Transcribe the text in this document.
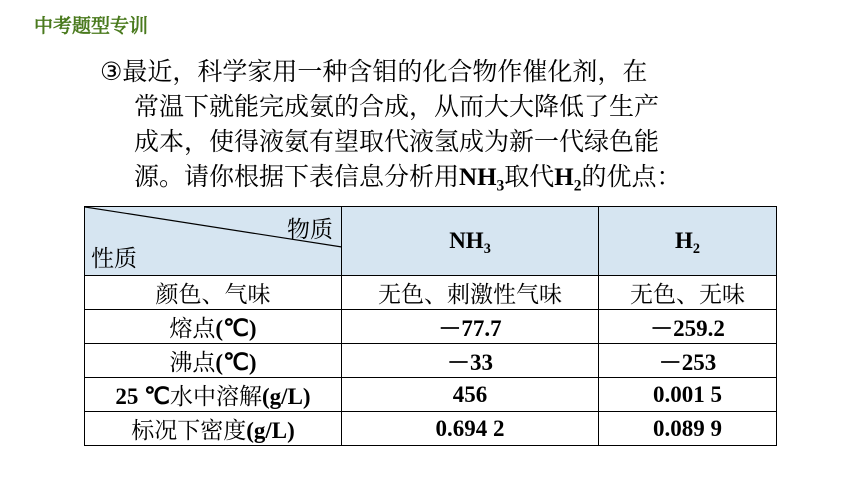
中考题型专训
③最近，科学家用一种含钼的化合物作催化剂，在
常温下就能完成氨的合成，从而大大降低了生产
成本，使得液氨有望取代液氢成为新一代绿色能
源。请你根据下表信息分析用$NH_3$取代$H_2$的优点：
物质
性质	$NH_3$	$H_2$
颜色、气味	无色、刺激性气味	无色、无味
熔点(℃)	－77.7	－259.2
沸点(℃)	－33	－253
25 ℃水中溶解(g/L)	456	0.001 5
标况下密度(g/L)	0.694 2	0.089 9
